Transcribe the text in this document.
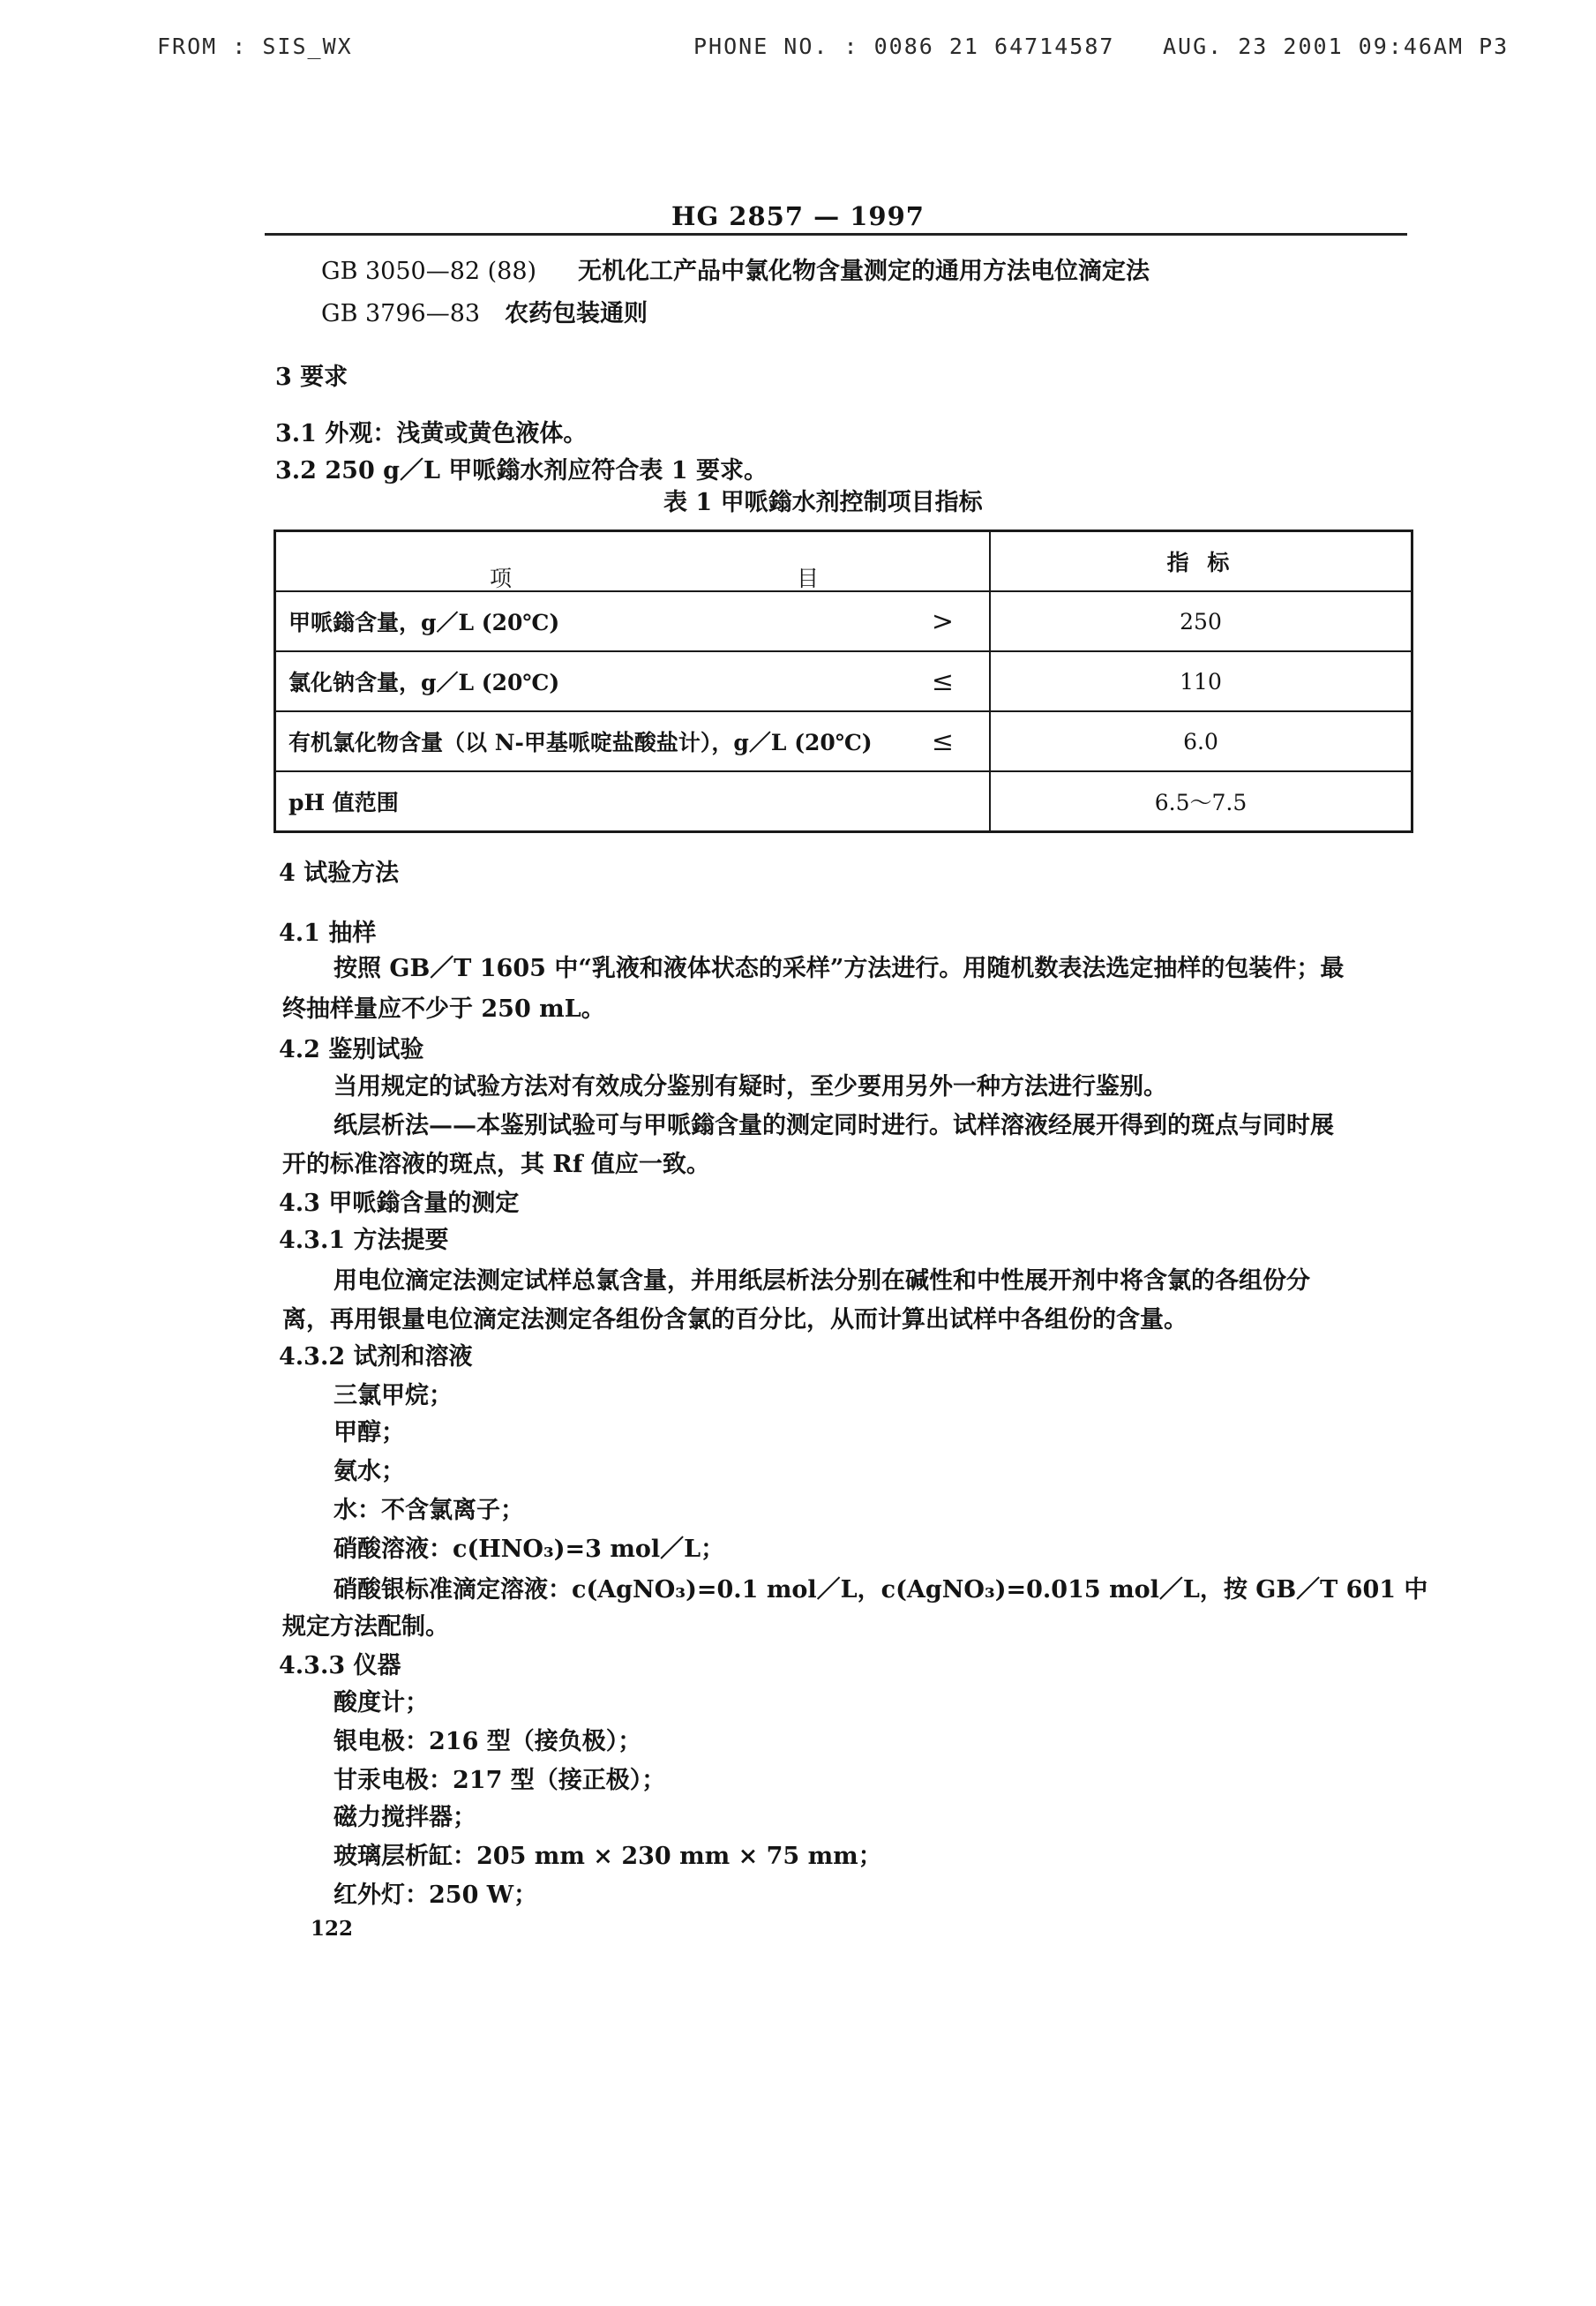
FROM : SIS_WX	PHONE NO. : 0086 21 64714587 AUG. 23 2001 09:46AM P3
HG 2857 — 1997
GB 3050—82 (88) 无机化工产品中氯化物含量测定的通用方法电位滴定法
GB 3796—83 农药包装通则
3 要求
3.1 外观：浅黄或黄色液体。
3.2 250 g／L 甲哌鎓水剂应符合表 1 要求。
表 1 甲哌鎓水剂控制项目指标
项 目		指 标
甲哌鎓含量，g／L (20℃)	>	250
氯化钠含量，g／L (20℃)	≤	110
有机氯化物含量（以 N-甲基哌啶盐酸盐计），g／L (20℃)	≤	6.0
pH 值范围		6.5～7.5
4 试验方法
4.1 抽样
按照 GB／T 1605 中“乳液和液体状态的采样”方法进行。用随机数表法选定抽样的包装件；最
终抽样量应不少于 250 mL。
4.2 鉴别试验
当用规定的试验方法对有效成分鉴别有疑时，至少要用另外一种方法进行鉴别。
纸层析法——本鉴别试验可与甲哌鎓含量的测定同时进行。试样溶液经展开得到的斑点与同时展
开的标准溶液的斑点，其 Rf 值应一致。
4.3 甲哌鎓含量的测定
4.3.1 方法提要
用电位滴定法测定试样总氯含量，并用纸层析法分别在碱性和中性展开剂中将含氯的各组份分
离，再用银量电位滴定法测定各组份含氯的百分比，从而计算出试样中各组份的含量。
4.3.2 试剂和溶液
三氯甲烷；
甲醇；
氨水；
水：不含氯离子；
硝酸溶液：c(HNO₃)=3 mol／L；
硝酸银标准滴定溶液：c(AgNO₃)=0.1 mol／L，c(AgNO₃)=0.015 mol／L，按 GB／T 601 中
规定方法配制。
4.3.3 仪器
酸度计；
银电极：216 型（接负极）；
甘汞电极：217 型（接正极）；
磁力搅拌器；
玻璃层析缸：205 mm × 230 mm × 75 mm；
红外灯：250 W；
122
